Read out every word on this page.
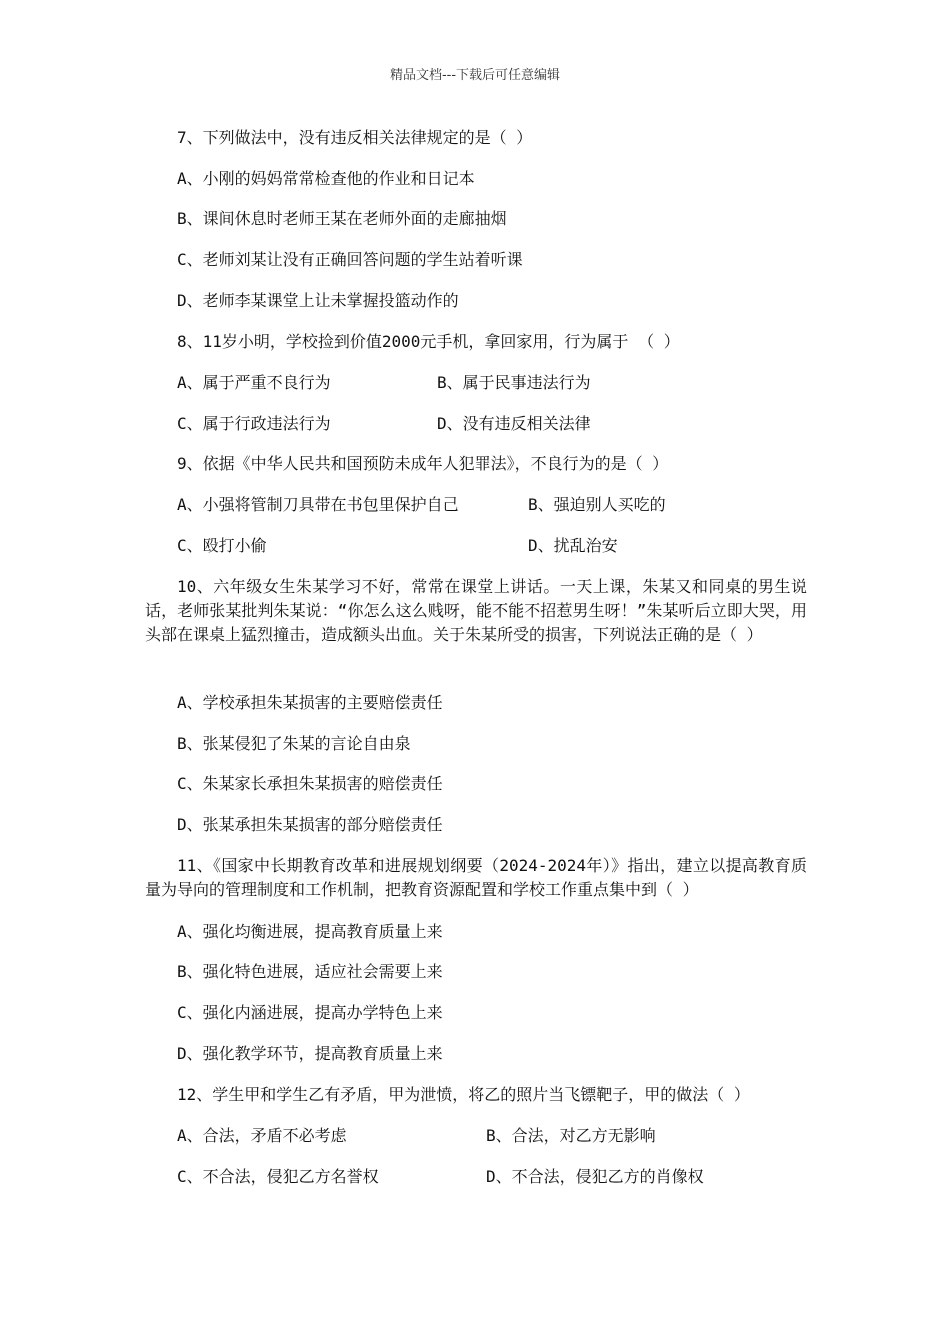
精品文档---下载后可任意编辑
7、下列做法中，没有违反相关法律规定的是（ ）
A、小刚的妈妈常常检查他的作业和日记本
B、课间休息时老师王某在老师外面的走廊抽烟
C、老师刘某让没有正确回答问题的学生站着听课
D、老师李某课堂上让未掌握投篮动作的
8、11岁小明，学校捡到价值2000元手机，拿回家用，行为属于 （ ）
A、属于严重不良行为	B、属于民事违法行为
C、属于行政违法行为	D、没有违反相关法律
9、依据《中华人民共和国预防未成年人犯罪法》，不良行为的是（ ）
A、小强将管制刀具带在书包里保护自己	B、强迫别人买吃的
C、殴打小偷	D、扰乱治安
10、六年级女生朱某学习不好，常常在课堂上讲话。一天上课，朱某又和同桌的男生说话，老师张某批判朱某说：“你怎么这么贱呀，能不能不招惹男生呀！”朱某听后立即大哭，用头部在课桌上猛烈撞击，造成额头出血。关于朱某所受的损害，下列说法正确的是（ ）
A、学校承担朱某损害的主要赔偿责任
B、张某侵犯了朱某的言论自由泉
C、朱某家长承担朱某损害的赔偿责任
D、张某承担朱某损害的部分赔偿责任
11、《国家中长期教育改革和进展规划纲要（2024-2024年）》指出，建立以提高教育质量为导向的管理制度和工作机制，把教育资源配置和学校工作重点集中到（ ）
A、强化均衡进展，提高教育质量上来
B、强化特色进展，适应社会需要上来
C、强化内涵进展，提高办学特色上来
D、强化教学环节，提高教育质量上来
12、学生甲和学生乙有矛盾，甲为泄愤，将乙的照片当飞镖靶子，甲的做法（ ）
A、合法，矛盾不必考虑	B、合法，对乙方无影响
C、不合法，侵犯乙方名誉权	D、不合法，侵犯乙方的肖像权
